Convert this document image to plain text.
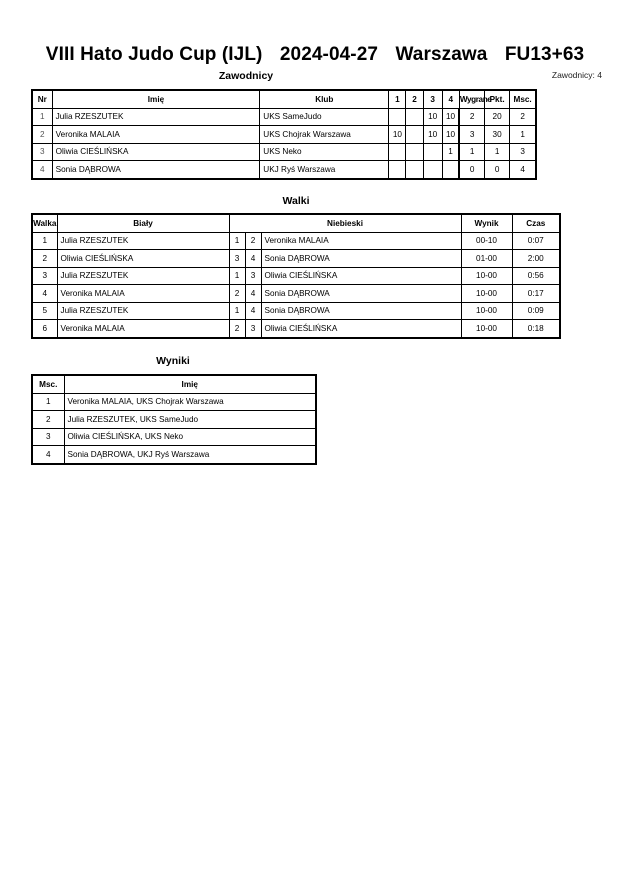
VIII Hato Judo Cup (IJL) 2024-04-27 Warszawa FU13+63
Zawodnicy	Zawodnicy: 4
Nr	Imię	Klub	1	2	3	4	Wygrane	Pkt.	Msc.
1	Julia RZESZUTEK	UKS SameJudo			10	10	2	20	2
2	Veronika MALAIA	UKS Chojrak Warszawa	10		10	10	3	30	1
3	Oliwia CIEŚLIŃSKA	UKS Neko				1	1	1	3
4	Sonia DĄBROWA	UKJ Ryś Warszawa					0	0	4
Walki
Walka	Biały	Niebieski			Wynik	Czas
1	Julia RZESZUTEK	1	2	Veronika MALAIA	00-10	0:07
2	Oliwia CIEŚLIŃSKA	3	4	Sonia DĄBROWA	01-00	2:00
3	Julia RZESZUTEK	1	3	Oliwia CIEŚLIŃSKA	10-00	0:56
4	Veronika MALAIA	2	4	Sonia DĄBROWA	10-00	0:17
5	Julia RZESZUTEK	1	4	Sonia DĄBROWA	10-00	0:09
6	Veronika MALAIA	2	3	Oliwia CIEŚLIŃSKA	10-00	0:18
Wyniki
Msc.	Imię
1	Veronika MALAIA, UKS Chojrak Warszawa
2	Julia RZESZUTEK, UKS SameJudo
3	Oliwia CIEŚLIŃSKA, UKS Neko
4	Sonia DĄBROWA, UKJ Ryś Warszawa
